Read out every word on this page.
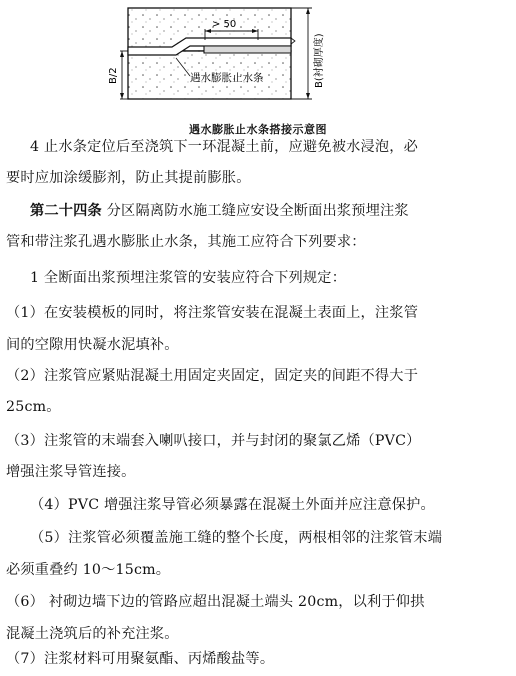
> 50
遇水膨胀止水条
B/2	B(衬砌厚度)
遇水膨胀止水条搭接示意图
4 止水条定位后至浇筑下一环混凝土前，应避免被水浸泡，必
要时应加涂缓膨剂，防止其提前膨胀。
第二十四条 分区隔离防水施工缝应安设全断面出浆预埋注浆
管和带注浆孔遇水膨胀止水条，其施工应符合下列要求：
1 全断面出浆预埋注浆管的安装应符合下列规定：
（1）在安装模板的同时，将注浆管安装在混凝土表面上，注浆管
间的空隙用快凝水泥填补。
（2）注浆管应紧贴混凝土用固定夹固定，固定夹的间距不得大于
25cm。
（3）注浆管的末端套入喇叭接口，并与封闭的聚氯乙烯（PVC）
增强注浆导管连接。
（4）PVC 增强注浆导管必须暴露在混凝土外面并应注意保护。
（5）注浆管必须覆盖施工缝的整个长度，两根相邻的注浆管末端
必须重叠约 10～15cm。
（6） 衬砌边墙下边的管路应超出混凝土端头 20cm，以利于仰拱
混凝土浇筑后的补充注浆。
（7）注浆材料可用聚氨酯、丙烯酸盐等。
